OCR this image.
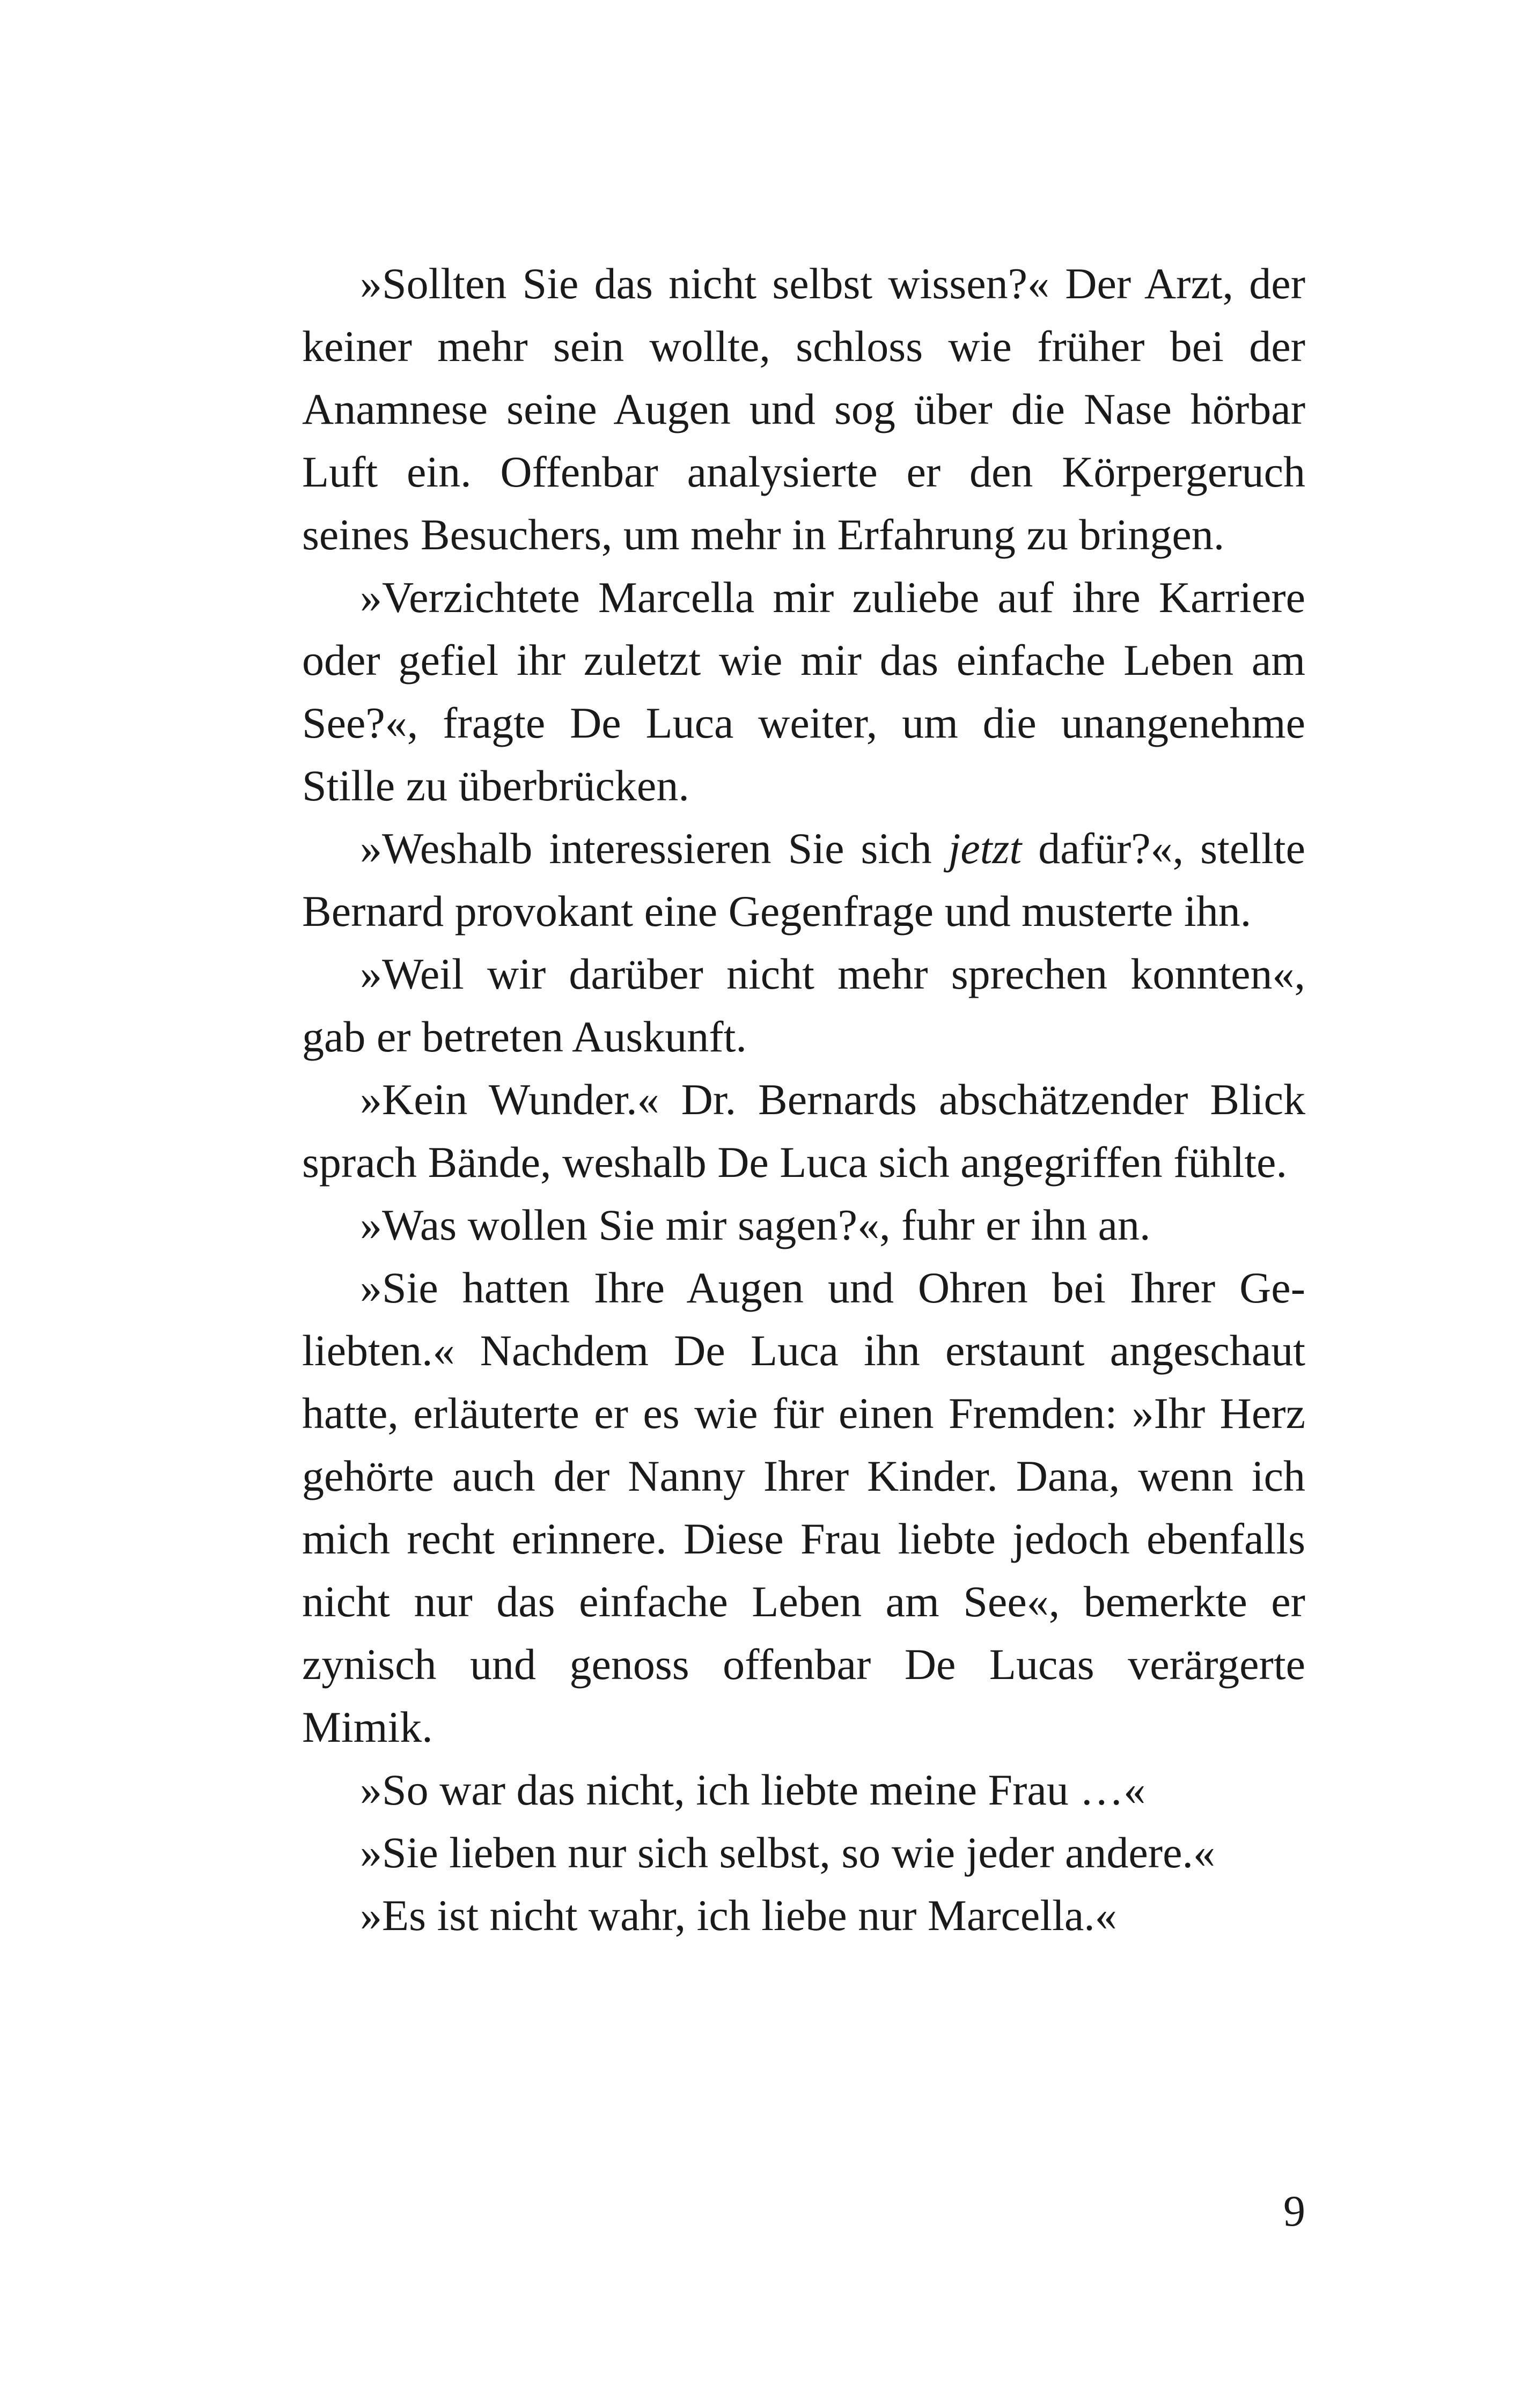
»Sollten Sie das nicht selbst wissen?« Der Arzt, der keiner mehr sein wollte, schloss wie früher bei der Anamnese seine Augen und sog über die Nase hörbar Luft ein. Offenbar analysierte er den Körpergeruch seines Besuchers, um mehr in Erfahrung zu bringen.

»Verzichtete Marcella mir zuliebe auf ihre Karriere oder gefiel ihr zuletzt wie mir das einfache Leben am See?«, fragte De Luca weiter, um die unangenehme Stille zu überbrücken.

»Weshalb interessieren Sie sich jetzt dafür?«, stellte Bernard provokant eine Gegenfrage und musterte ihn.

»Weil wir darüber nicht mehr sprechen konnten«, gab er betreten Auskunft.

»Kein Wunder.« Dr. Bernards abschätzender Blick sprach Bände, weshalb De Luca sich angegriffen fühlte.

»Was wollen Sie mir sagen?«, fuhr er ihn an.

»Sie hatten Ihre Augen und Ohren bei Ihrer Geliebten.« Nachdem De Luca ihn erstaunt angeschaut hatte, erläuterte er es wie für einen Fremden: »Ihr Herz gehörte auch der Nanny Ihrer Kinder. Dana, wenn ich mich recht erinnere. Diese Frau liebte jedoch ebenfalls nicht nur das einfache Leben am See«, bemerkte er zynisch und genoss offenbar De Lucas verärgerte Mimik.

»So war das nicht, ich liebte meine Frau …«

»Sie lieben nur sich selbst, so wie jeder andere.«

»Es ist nicht wahr, ich liebe nur Marcella.«

9
